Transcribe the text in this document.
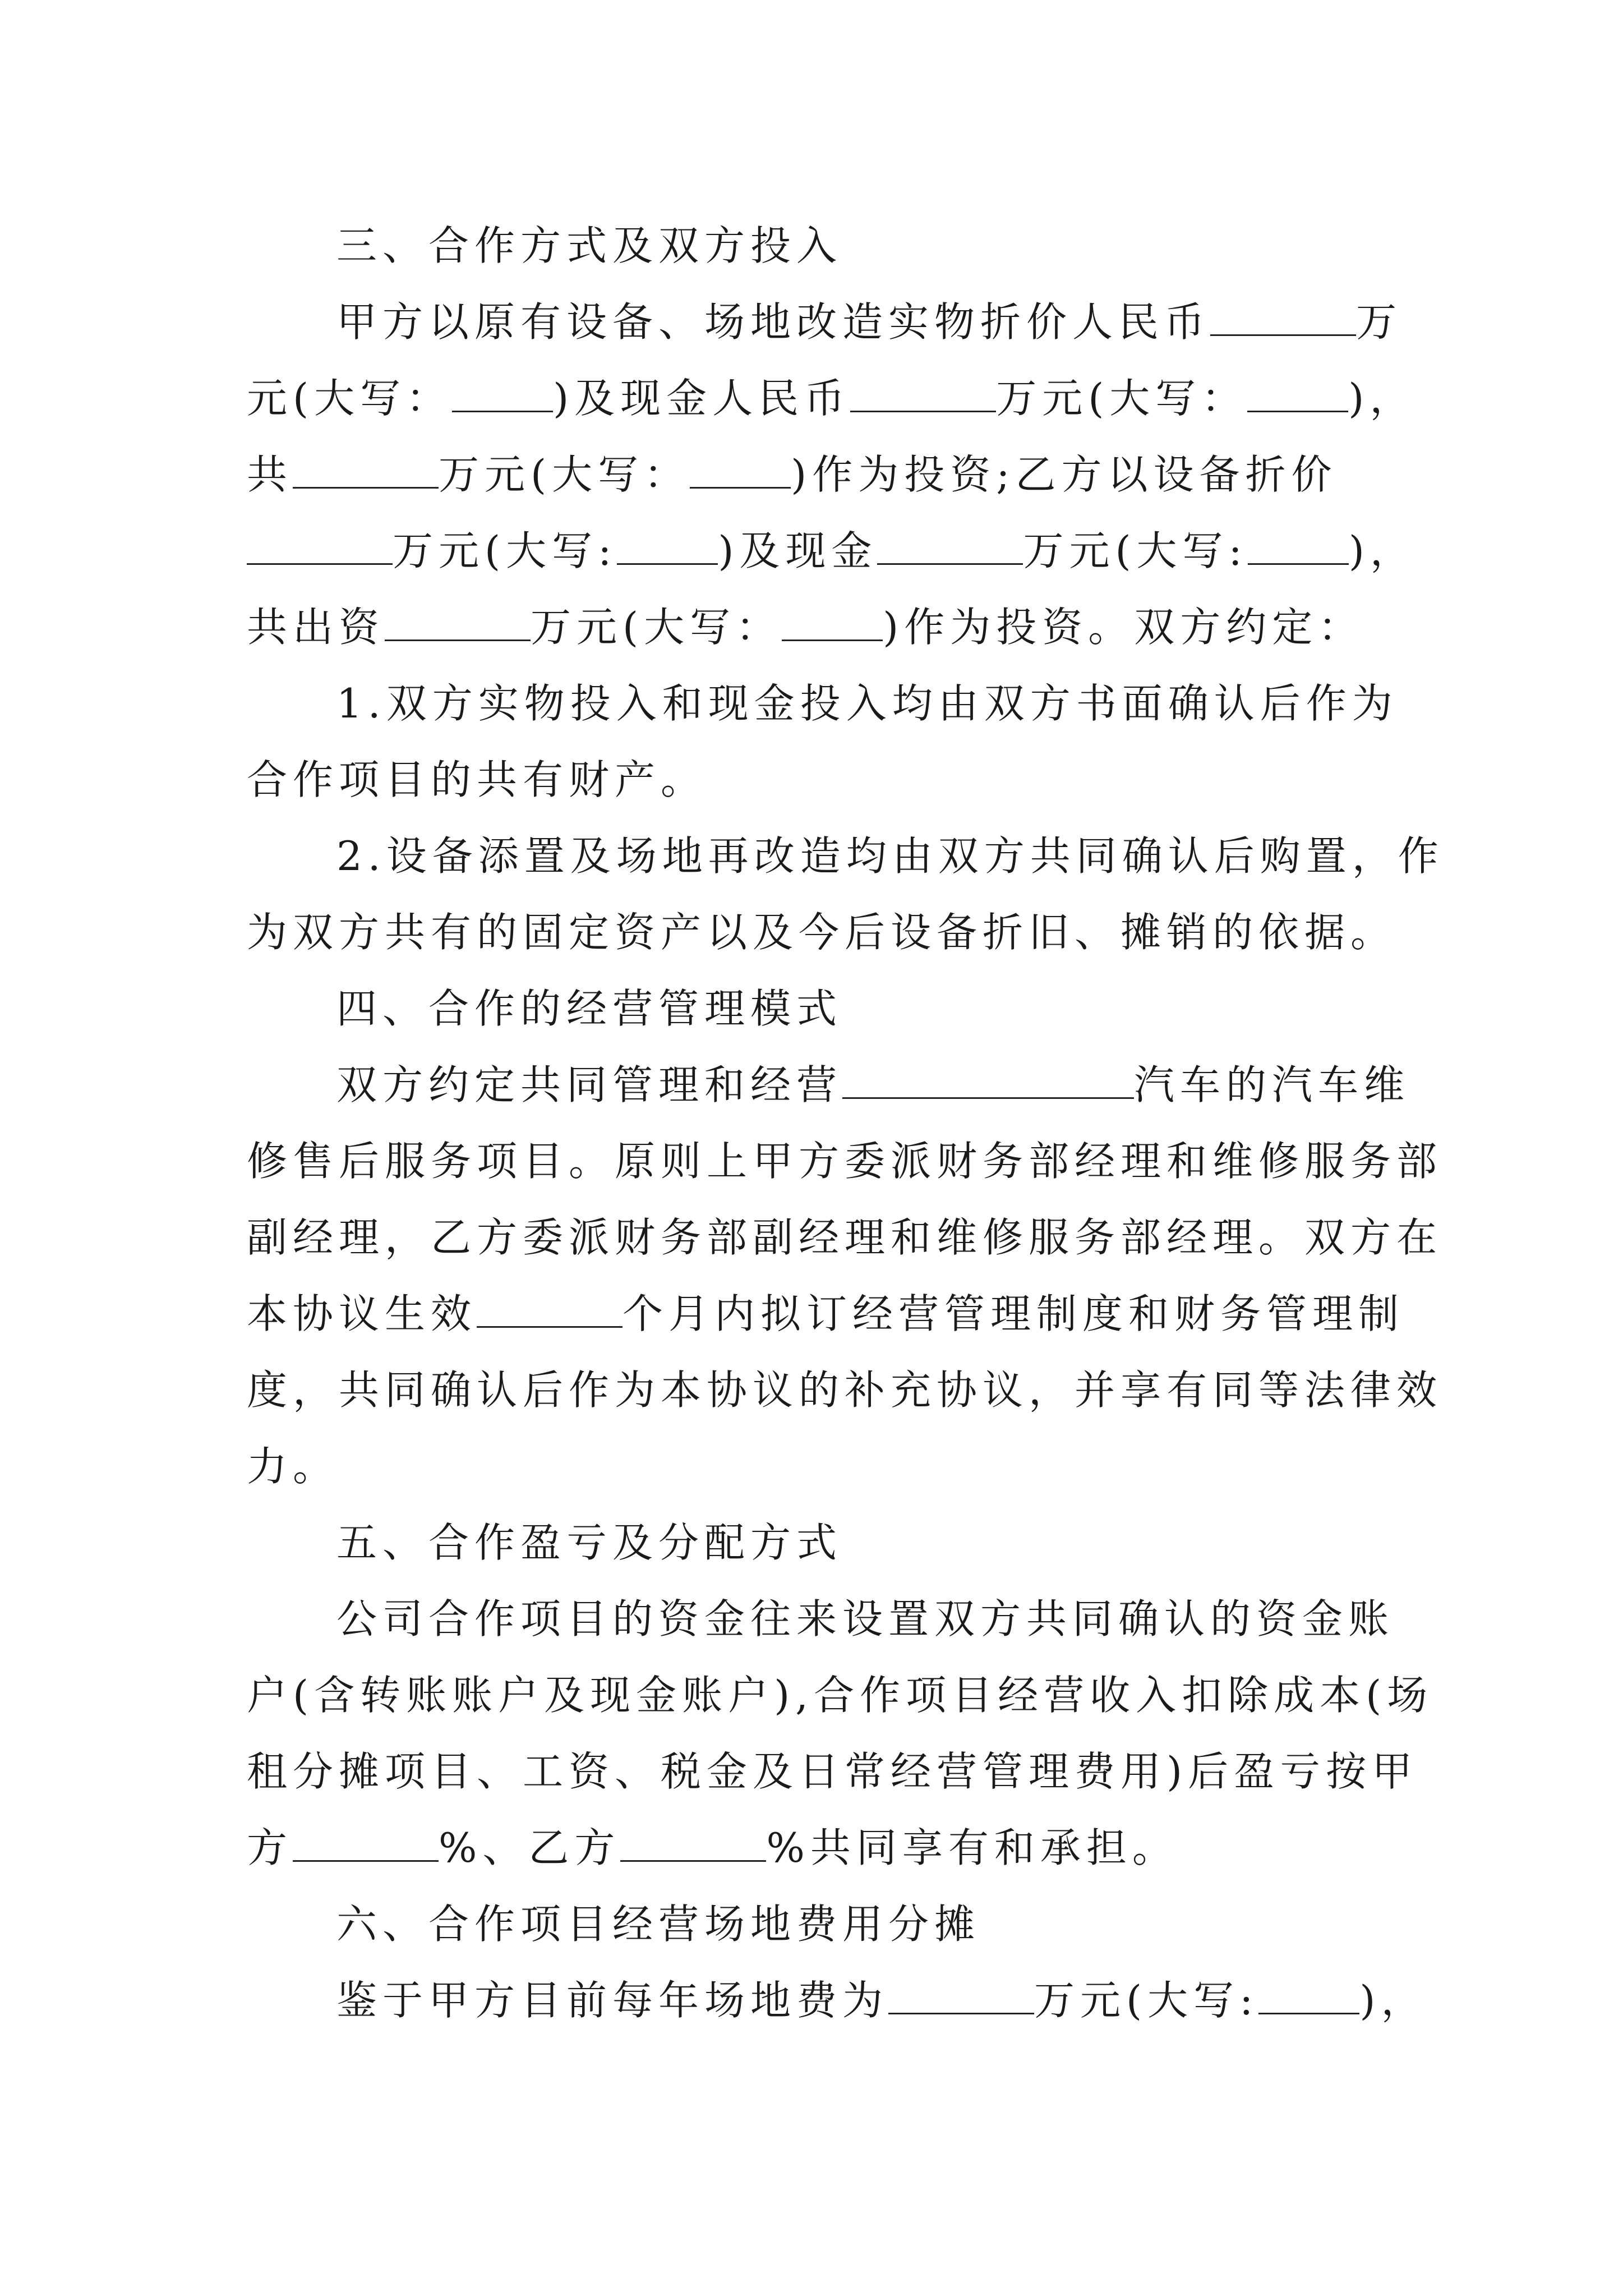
三、合作方式及双方投入
甲方以原有设备、场地改造实物折价人民币	万
元(大写：	)及现金人民币	万元(大写：	)，
共	万元(大写：	)作为投资;乙方以设备折价
万元(大写:	)及现金	万元(大写:	)，
共出资	万元(大写：	)作为投资。双方约定：
1.双方实物投入和现金投入均由双方书面确认后作为
合作项目的共有财产。
2.设备添置及场地再改造均由双方共同确认后购置，作
为双方共有的固定资产以及今后设备折旧、摊销的依据。
四、合作的经营管理模式
双方约定共同管理和经营	汽车的汽车维
修售后服务项目。原则上甲方委派财务部经理和维修服务部
副经理，乙方委派财务部副经理和维修服务部经理。双方在
本协议生效	个月内拟订经营管理制度和财务管理制
度，共同确认后作为本协议的补充协议，并享有同等法律效
力。
五、合作盈亏及分配方式
公司合作项目的资金往来设置双方共同确认的资金账
户(含转账账户及现金账户),合作项目经营收入扣除成本(场
租分摊项目、工资、税金及日常经营管理费用)后盈亏按甲
方	%、乙方	%共同享有和承担。
六、合作项目经营场地费用分摊
鉴于甲方目前每年场地费为	万元(大写:	)，
